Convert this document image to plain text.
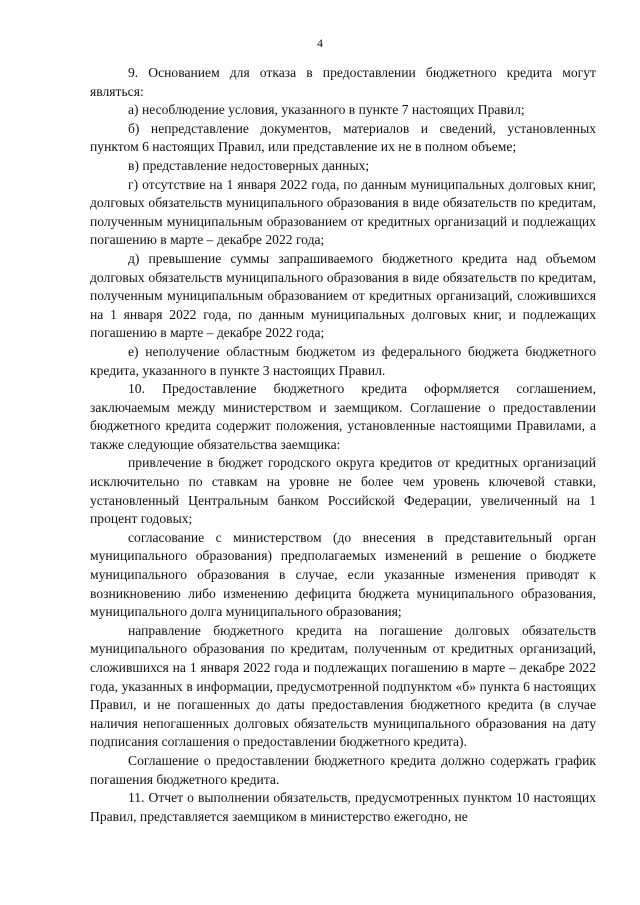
4

9. Основанием для отказа в предоставлении бюджетного кредита могут являться:

а) несоблюдение условия, указанного в пункте 7 настоящих Правил;

б) непредставление документов, материалов и сведений, установленных пунктом 6 настоящих Правил, или представление их не в полном объеме;

в) представление недостоверных данных;

г) отсутствие на 1 января 2022 года, по данным муниципальных долговых книг, долговых обязательств муниципального образования в виде обязательств по кредитам, полученным муниципальным образованием от кредитных организаций и подлежащих погашению в марте – декабре 2022 года;

д) превышение суммы запрашиваемого бюджетного кредита над объемом долговых обязательств муниципального образования в виде обязательств по кредитам, полученным муниципальным образованием от кредитных организаций, сложившихся на 1 января 2022 года, по данным муниципальных долговых книг, и подлежащих погашению в марте – декабре 2022 года;

е) неполучение областным бюджетом из федерального бюджета бюджетного кредита, указанного в пункте 3 настоящих Правил.

10. Предоставление бюджетного кредита оформляется соглашением, заключаемым между министерством и заемщиком. Соглашение о предоставлении бюджетного кредита содержит положения, установленные настоящими Правилами, а также следующие обязательства заемщика:

привлечение в бюджет городского округа кредитов от кредитных организаций исключительно по ставкам на уровне не более чем уровень ключевой ставки, установленный Центральным банком Российской Федерации, увеличенный на 1 процент годовых;

согласование с министерством (до внесения в представительный орган муниципального образования) предполагаемых изменений в решение о бюджете муниципального образования в случае, если указанные изменения приводят к возникновению либо изменению дефицита бюджета муниципального образования, муниципального долга муниципального образования;

направление бюджетного кредита на погашение долговых обязательств муниципального образования по кредитам, полученным от кредитных организаций, сложившихся на 1 января 2022 года и подлежащих погашению в марте – декабре 2022 года, указанных в информации, предусмотренной подпунктом «б» пункта 6 настоящих Правил, и не погашенных до даты предоставления бюджетного кредита (в случае наличия непогашенных долговых обязательств муниципального образования на дату подписания соглашения о предоставлении бюджетного кредита).

Соглашение о предоставлении бюджетного кредита должно содержать график погашения бюджетного кредита.

11. Отчет о выполнении обязательств, предусмотренных пунктом 10 настоящих Правил, представляется заемщиком в министерство ежегодно, не
